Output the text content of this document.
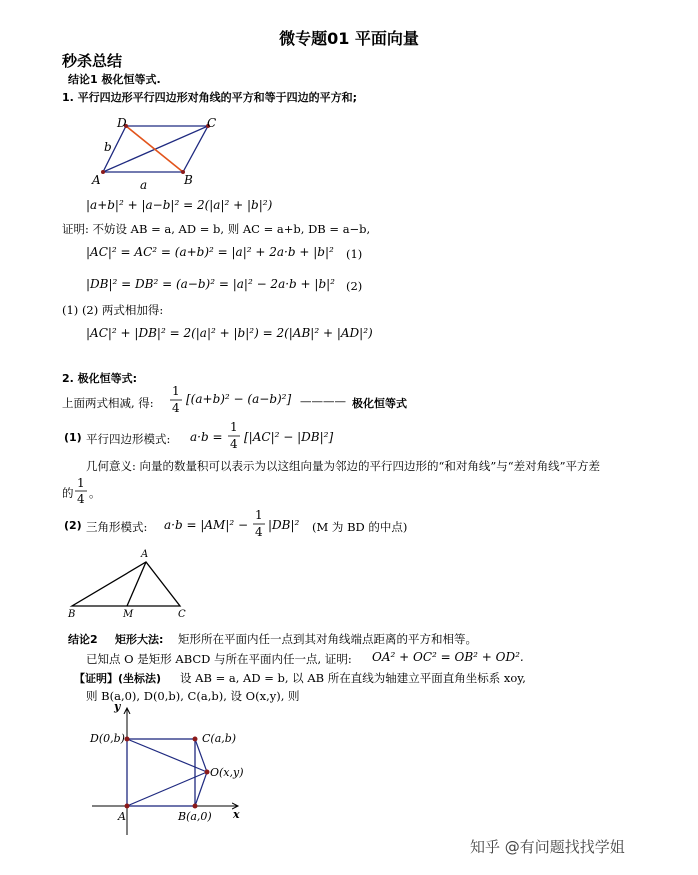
微专题01 平面向量
秒杀总结
结论1 极化恒等式.
1. 平行四边形平行四边形对角线的平方和等于四边的平方和;
A	B
C
D
a
b
|a+b|² + |a−b|² = 2(|a|² + |b|²)
证明: 不妨设 AB = a, AD = b, 则 AC = a+b, DB = a−b,
|AC|² = AC² = (a+b)² = |a|² + 2a·b + |b|² (1)
|DB|² = DB² = (a−b)² = |a|² − 2a·b + |b|² (2)
(1) (2) 两式相加得:
|AC|² + |DB|² = 2(|a|² + |b|²) = 2(|AB|² + |AD|²)
2. 极化恒等式:
上面两式相减, 得:
1
4
[(a+b)² − (a−b)²] ———— 极化恒等式
(1) 平行四边形模式: a·b =
1
4 [|AC|² − |DB|²]
几何意义: 向量的数量积可以表示为以这组向量为邻边的平行四边形的“和对角线”与“差对角线”平方差
的
1
4 。
(2) 三角形模式: a·b = |AM|² −
1
4 |DB|² (M 为 BD 的中点)
A
B	M	C
结论2 矩形大法: 矩形所在平面内任一点到其对角线端点距离的平方和相等。
已知点 O 是矩形 ABCD 与所在平面内任一点, 证明: OA² + OC² = OB² + OD².
【证明】(坐标法) 设 AB = a, AD = b, 以 AB 所在直线为轴建立平面直角坐标系 xoy,
则 B(a,0), D(0,b), C(a,b), 设 O(x,y), 则
y
x
D(0,b)	C(a,b)
O(x,y)
A	B(a,0)
知乎 @有问题找找学姐
